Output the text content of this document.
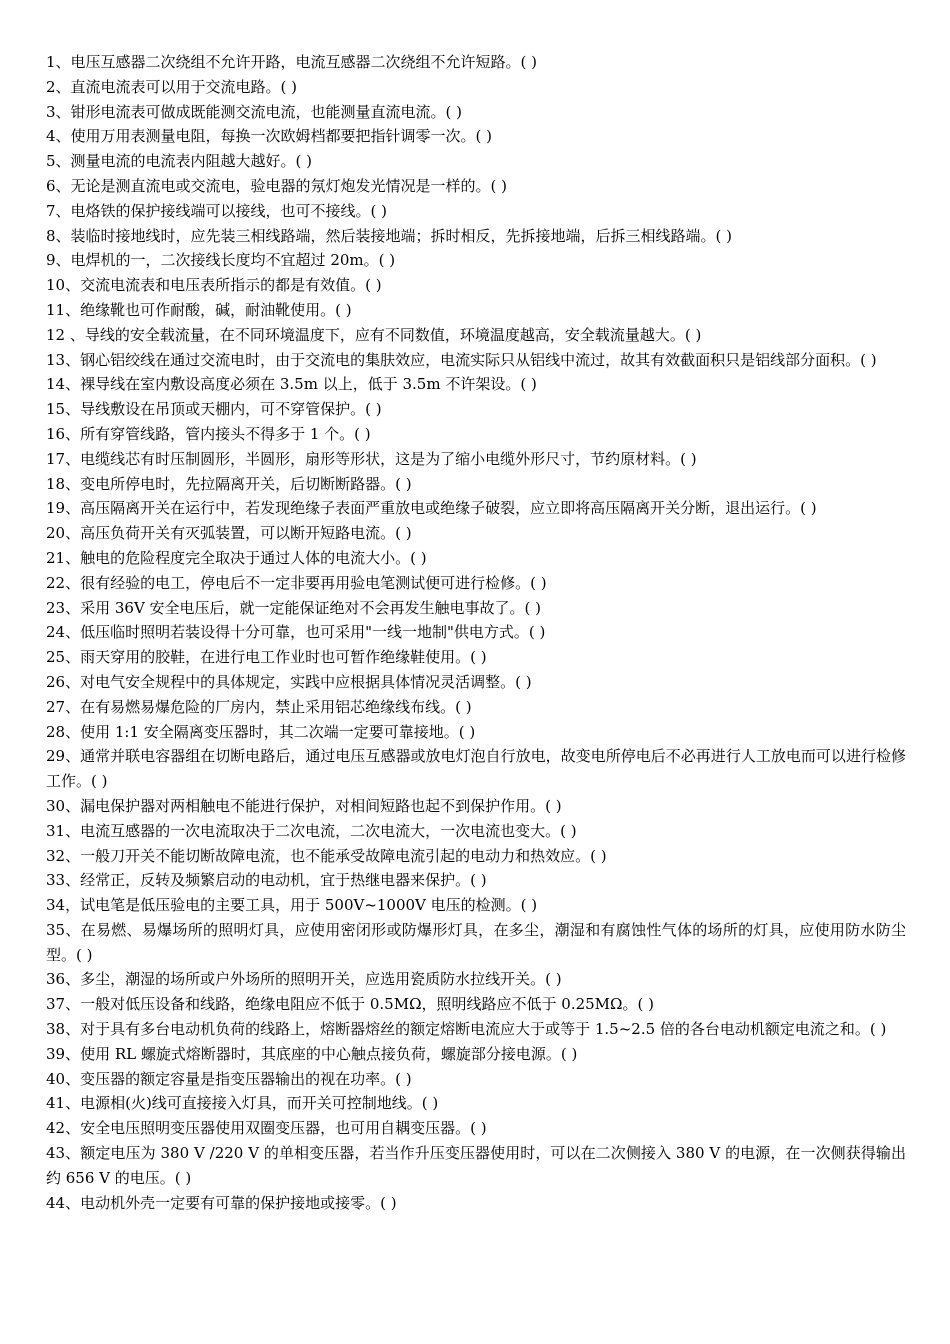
1、电压互感器二次绕组不允许开路，电流互感器二次绕组不允许短路。( )

2、直流电流表可以用于交流电路。( )

3、钳形电流表可做成既能测交流电流，也能测量直流电流。( )

4、使用万用表测量电阻，每换一次欧姆档都要把指针调零一次。( )

5、测量电流的电流表内阻越大越好。( )

6、无论是测直流电或交流电，验电器的氖灯炮发光情况是一样的。( )

7、电烙铁的保护接线端可以接线，也可不接线。( )

8、装临时接地线时，应先装三相线路端，然后装接地端；拆时相反，先拆接地端，后拆三相线路端。( )

9、电焊机的一，二次接线长度均不宜超过 20m。( )

10、交流电流表和电压表所指示的都是有效值。( )

11、绝缘靴也可作耐酸，碱，耐油靴使用。( )

12 、导线的安全载流量，在不同环境温度下，应有不同数值，环境温度越高，安全载流量越大。( )

13、钢心铝绞线在通过交流电时，由于交流电的集肤效应，电流实际只从铝线中流过，故其有效截面积只是铝线部分面积。( )

14、裸导线在室内敷设高度必须在 3.5m 以上，低于 3.5m 不许架设。( )

15、导线敷设在吊顶或天棚内，可不穿管保护。( )

16、所有穿管线路，管内接头不得多于 1 个。( )

17、电缆线芯有时压制圆形，半圆形，扇形等形状，这是为了缩小电缆外形尺寸，节约原材料。( )

18、变电所停电时，先拉隔离开关，后切断断路器。( )

19、高压隔离开关在运行中，若发现绝缘子表面严重放电或绝缘子破裂，应立即将高压隔离开关分断，退出运行。( )

20、高压负荷开关有灭弧装置，可以断开短路电流。( )

21、触电的危险程度完全取决于通过人体的电流大小。( )

22、很有经验的电工，停电后不一定非要再用验电笔测试便可进行检修。( )

23、采用 36V 安全电压后，就一定能保证绝对不会再发生触电事故了。( )

24、低压临时照明若装设得十分可靠，也可采用"一线一地制"供电方式。( )

25、雨天穿用的胶鞋，在进行电工作业时也可暂作绝缘鞋使用。( )

26、对电气安全规程中的具体规定，实践中应根据具体情况灵活调整。( )

27、在有易燃易爆危险的厂房内，禁止采用铝芯绝缘线布线。( )

28、使用 1:1 安全隔离变压器时，其二次端一定要可靠接地。( )

29、通常并联电容器组在切断电路后，通过电压互感器或放电灯泡自行放电，故变电所停电后不必再进行人工放电而可以进行检修工作。( )

30、漏电保护器对两相触电不能进行保护，对相间短路也起不到保护作用。( )

31、电流互感器的一次电流取决于二次电流，二次电流大，一次电流也变大。( )

32、一般刀开关不能切断故障电流，也不能承受故障电流引起的电动力和热效应。( )

33、经常正，反转及频繁启动的电动机，宜于热继电器来保护。( )

34，试电笔是低压验电的主要工具，用于 500V~1000V 电压的检测。( )

35、在易燃、易爆场所的照明灯具，应使用密闭形或防爆形灯具，在多尘，潮湿和有腐蚀性气体的场所的灯具，应使用防水防尘型。( )

36、多尘，潮湿的场所或户外场所的照明开关，应选用瓷质防水拉线开关。( )

37、一般对低压设备和线路，绝缘电阻应不低于 0.5MΩ，照明线路应不低于 0.25MΩ。( )

38、对于具有多台电动机负荷的线路上，熔断器熔丝的额定熔断电流应大于或等于 1.5~2.5 倍的各台电动机额定电流之和。( )

39、使用 RL 螺旋式熔断器时，其底座的中心触点接负荷，螺旋部分接电源。( )

40、变压器的额定容量是指变压器输出的视在功率。( )

41、电源相(火)线可直接接入灯具，而开关可控制地线。( )

42、安全电压照明变压器使用双圈变压器，也可用自耦变压器。( )

43、额定电压为 380 V /220 V 的单相变压器，若当作升压变压器使用时，可以在二次侧接入 380 V 的电源，在一次侧获得输出约 656 V 的电压。( )

44、电动机外壳一定要有可靠的保护接地或接零。( )
